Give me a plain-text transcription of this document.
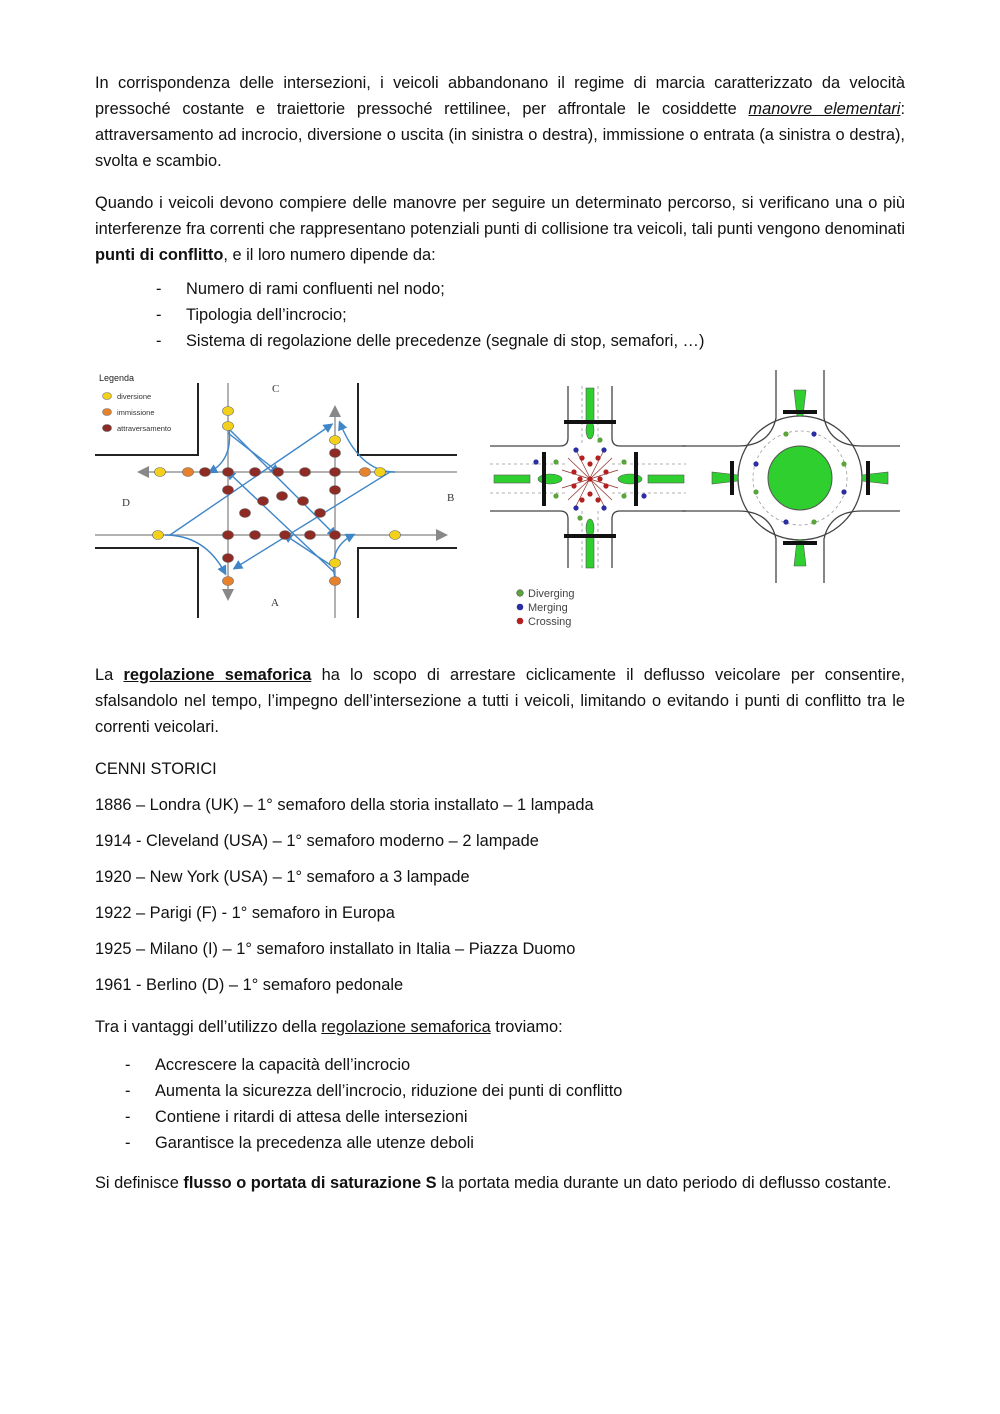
In corrispondenza delle intersezioni, i veicoli abbandonano il regime di marcia caratterizzato da velocità pressoché costante e traiettorie pressoché rettilinee, per affrontale le cosiddette manovre elementari: attraversamento ad incrocio, diversione o uscita (in sinistra o destra), immissione o entrata (a sinistra o destra), svolta e scambio.

Quando i veicoli devono compiere delle manovre per seguire un determinato percorso, si verificano una o più interferenze fra correnti che rappresentano potenziali punti di collisione tra veicoli, tali punti vengono denominati punti di conflitto, e il loro numero dipende da:

- Numero di rami confluenti nel nodo;
- Tipologia dell’incrocio;
- Sistema di regolazione delle precedenze (segnale di stop, semafori, …)
Legenda
diversione
immissione
attraversamento
C
B
A
D
Diverging
Merging
Crossing

La regolazione semaforica ha lo scopo di arrestare ciclicamente il deflusso veicolare per consentire, sfalsandolo nel tempo, l’impegno dell’intersezione a tutti i veicoli, limitando o evitando i punti di conflitto tra le correnti veicolari.

CENNI STORICI

1886 – Londra (UK) – 1° semaforo della storia installato – 1 lampada

1914 - Cleveland (USA) – 1° semaforo moderno – 2 lampade

1920 – New York (USA) – 1° semaforo a 3 lampade

1922 – Parigi (F) - 1° semaforo in Europa

1925 – Milano (I) – 1° semaforo installato in Italia – Piazza Duomo

1961 - Berlino (D) – 1° semaforo pedonale

Tra i vantaggi dell’utilizzo della regolazione semaforica troviamo:

- Accrescere la capacità dell’incrocio
- Aumenta la sicurezza dell’incrocio, riduzione dei punti di conflitto
- Contiene i ritardi di attesa delle intersezioni
- Garantisce la precedenza alle utenze deboli

Si definisce flusso o portata di saturazione S la portata media durante un dato periodo di deflusso costante.
